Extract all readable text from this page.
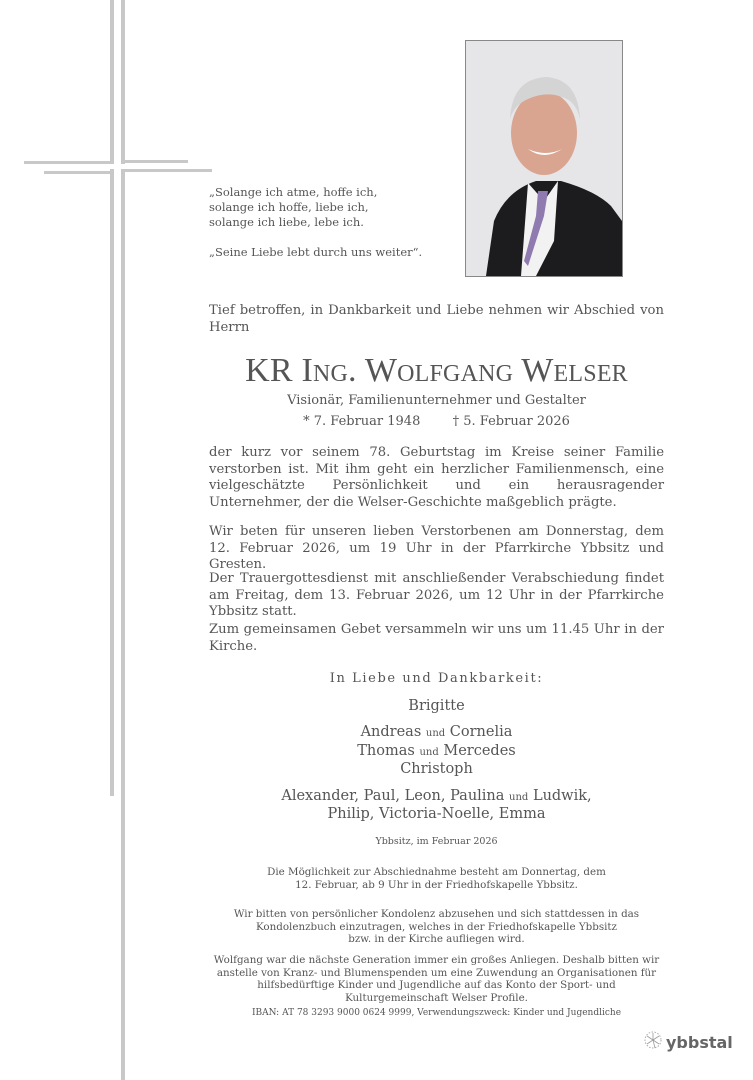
„Solange ich atme, hoffe ich,

solange ich hoffe, liebe ich,

solange ich liebe, lebe ich.

„Seine Liebe lebt durch uns weiter“.

Tief betroffen, in Dankbarkeit und Liebe nehmen wir Abschied von Herrn

KR Ing. Wolfgang Welser
Visionär, Familienunternehmer und Gestalter
* 7. Februar 1948 † 5. Februar 2026

der kurz vor seinem 78. Geburtstag im Kreise seiner Familie verstorben ist. Mit ihm geht ein herzlicher Familienmensch, eine vielgeschätzte Persönlichkeit und ein herausragender Unternehmer, der die Welser-Geschichte maßgeblich prägte.

Wir beten für unseren lieben Verstorbenen am Donnerstag, dem 12. Februar 2026, um 19 Uhr in der Pfarrkirche Ybbsitz und Gresten.

Der Trauergottesdienst mit anschließender Verabschiedung findet am Freitag, dem 13. Februar 2026, um 12 Uhr in der Pfarrkirche Ybbsitz statt.

Zum gemeinsamen Gebet versammeln wir uns um 11.45 Uhr in der Kirche.

In Liebe und Dankbarkeit:
Brigitte
Andreas und Cornelia
Thomas und Mercedes
Christoph
Alexander, Paul, Leon, Paulina und Ludwik,
Philip, Victoria-Noelle, Emma
Ybbsitz, im Februar 2026
Die Möglichkeit zur Abschiednahme besteht am Donnertag, dem
12. Februar, ab 9 Uhr in der Friedhofskapelle Ybbsitz.
Wir bitten von persönlicher Kondolenz abzusehen und sich stattdessen in das
Kondolenzbuch einzutragen, welches in der Friedhofskapelle Ybbsitz
bzw. in der Kirche aufliegen wird.
Wolfgang war die nächste Generation immer ein großes Anliegen. Deshalb bitten wir
anstelle von Kranz- und Blumenspenden um eine Zuwendung an Organisationen für
hilfsbedürftige Kinder und Jugendliche auf das Konto der Sport- und
Kulturgemeinschaft Welser Profile.
IBAN: AT 78 3293 9000 0624 9999, Verwendungszweck: Kinder und Jugendliche
ybbstal
